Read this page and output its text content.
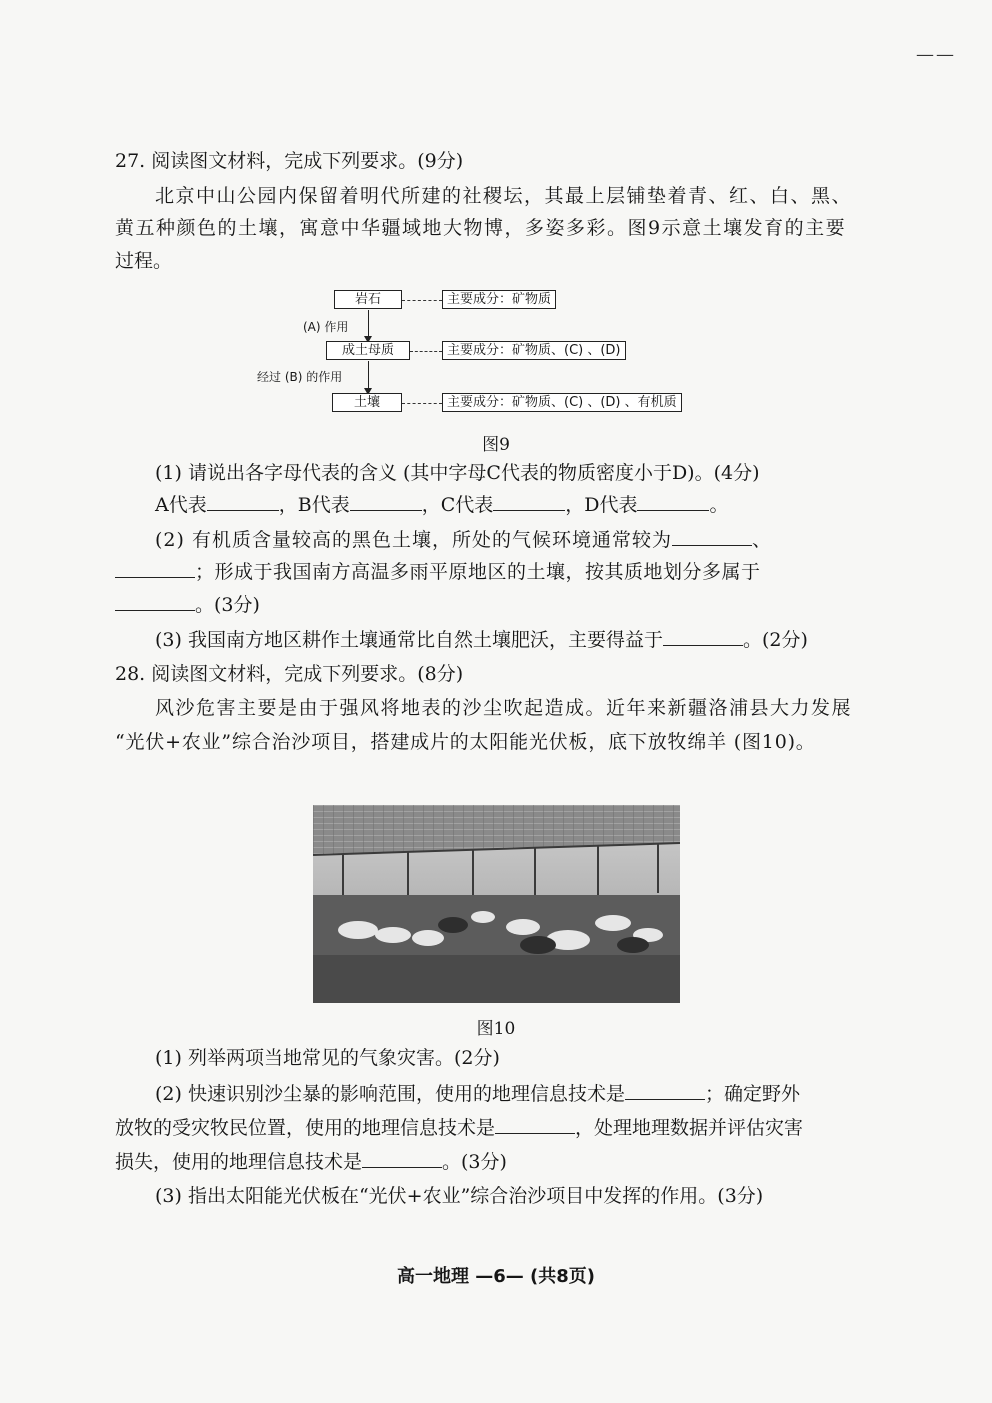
——

27. 阅读图文材料，完成下列要求。(9分)

北京中山公园内保留着明代所建的社稷坛，其最上层铺垫着青、红、白、黑、

黄五种颜色的土壤，寓意中华疆域地大物博，多姿多彩。图9示意土壤发育的主要

过程。

岩石	主要成分：矿物质
(A) 作用
成土母质	主要成分：矿物质、(C) 、(D)
经过 (B) 的作用
土壤	主要成分：矿物质、(C) 、(D) 、有机质
图9

(1) 请说出各字母代表的含义 (其中字母C代表的物质密度小于D)。(4分)

A代表	，B代表	，C代表	，D代表	。

(2) 有机质含量较高的黑色土壤，所处的气候环境通常较为	、

；形成于我国南方高温多雨平原地区的土壤，按其质地划分多属于

。(3分)

(3) 我国南方地区耕作土壤通常比自然土壤肥沃，主要得益于	。(2分)

28. 阅读图文材料，完成下列要求。(8分)

风沙危害主要是由于强风将地表的沙尘吹起造成。近年来新疆洛浦县大力发展

“光伏+农业”综合治沙项目，搭建成片的太阳能光伏板，底下放牧绵羊 (图10)。

图10

(1) 列举两项当地常见的气象灾害。(2分)

(2) 快速识别沙尘暴的影响范围，使用的地理信息技术是	；确定野外

放牧的受灾牧民位置，使用的地理信息技术是	，处理地理数据并评估灾害

损失，使用的地理信息技术是	。(3分)

(3) 指出太阳能光伏板在“光伏+农业”综合治沙项目中发挥的作用。(3分)

高一地理 —6— (共8页)
